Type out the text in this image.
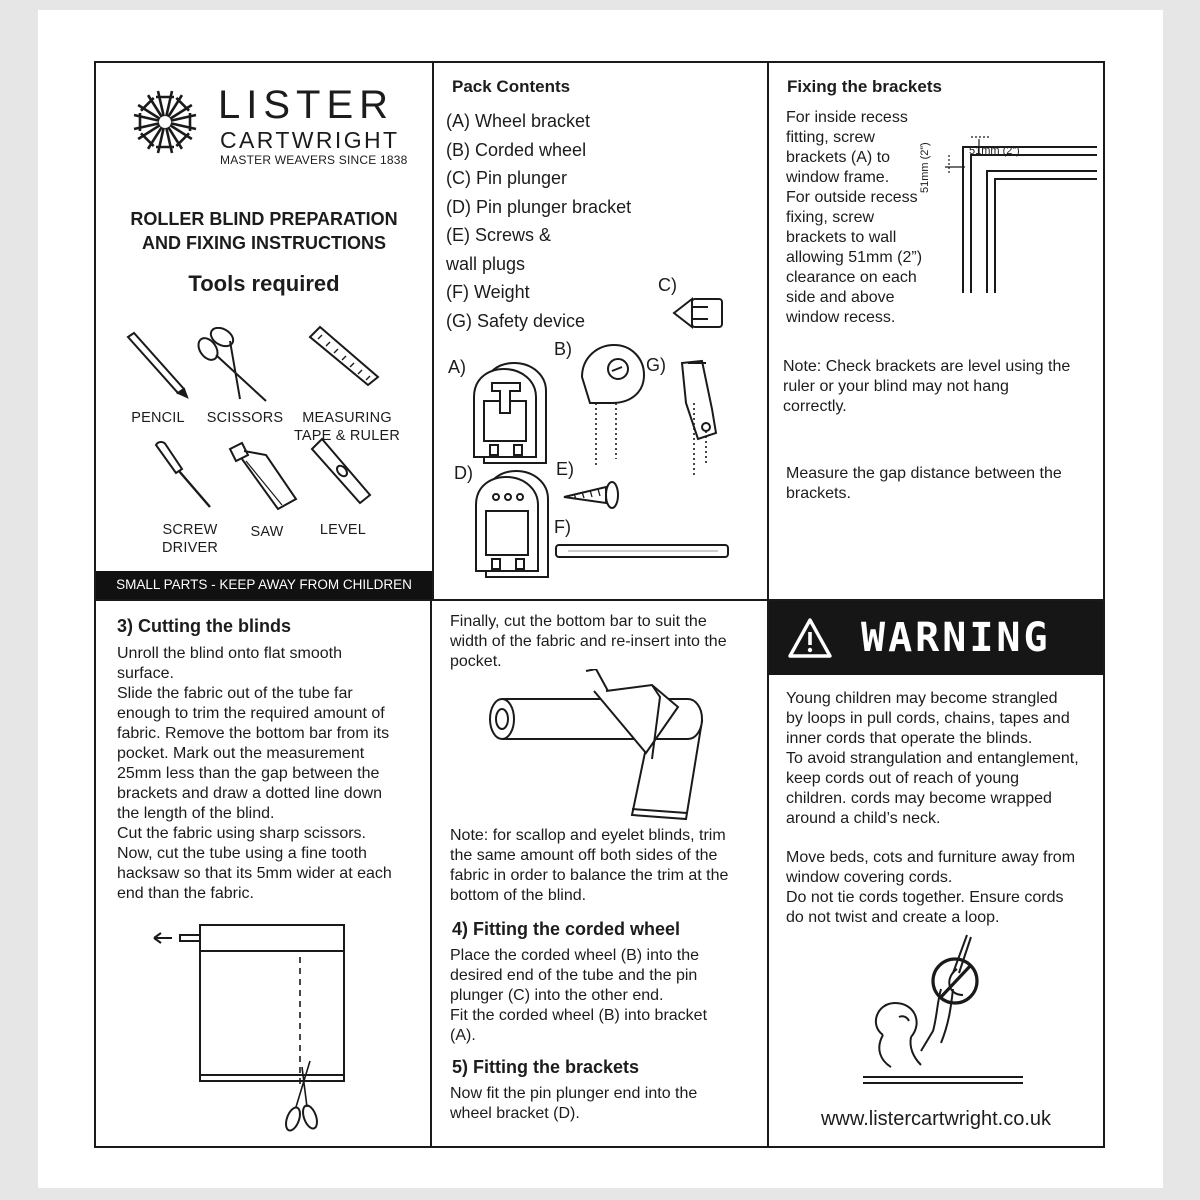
LISTER
CARTWRIGHT
MASTER WEAVERS SINCE 1838
ROLLER BLIND PREPARATION
AND FIXING INSTRUCTIONS
Tools required
PENCIL	SCISSORS	MEASURING
TAPE & RULER
SCREW
DRIVER
SAW	LEVEL
SMALL PARTS - KEEP AWAY FROM CHILDREN
Pack Contents

(A) Wheel bracket

(B) Corded wheel

(C) Pin plunger

(D) Pin plunger bracket

(E) Screws &

wall plugs

(F) Weight

(G) Safety device

C)
A)
B)
G)
D)	E)
F)
Fixing the brackets

For inside recess

fitting, screw

brackets (A) to

window frame.

For outside recess

fixing, screw

brackets to wall

allowing 51mm (2”)

clearance on each

side and above

window recess.

51mm (2”)
51mm (2”)

Note: Check brackets are level using the

ruler or your blind may not hang

correctly.

Measure the gap distance between the

brackets.

3) Cutting the blinds

Unroll the blind onto flat smooth

surface.

Slide the fabric out of the tube far

enough to trim the required amount of

fabric. Remove the bottom bar from its

pocket. Mark out the measurement

25mm less than the gap between the

brackets and draw a dotted line down

the length of the blind.

Cut the fabric using sharp scissors.

Now, cut the tube using a fine tooth

hacksaw so that its 5mm wider at each

end than the fabric.

Finally, cut the bottom bar to suit the

width of the fabric and re-insert into the

pocket.

Note: for scallop and eyelet blinds, trim

the same amount off both sides of the

fabric in order to balance the trim at the

bottom of the blind.

4) Fitting the corded wheel

Place the corded wheel (B) into the

desired end of the tube and the pin

plunger (C) into the other end.

Fit the corded wheel (B) into bracket

(A).

5) Fitting the brackets

Now fit the pin plunger end into the

wheel bracket (D).

WARNING

Young children may become strangled

by loops in pull cords, chains, tapes and

inner cords that operate the blinds.

To avoid strangulation and entanglement,

keep cords out of reach of young

children. cords may become wrapped

around a child’s neck.

Move beds, cots and furniture away from

window covering cords.

Do not tie cords together. Ensure cords

do not twist and create a loop.

www.listercartwright.co.uk
